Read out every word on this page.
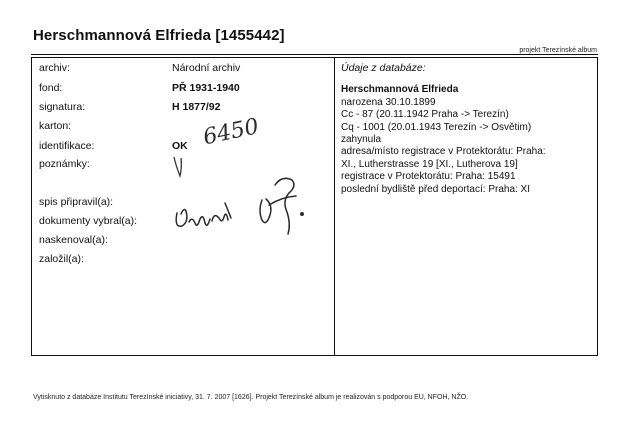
Herschmannová Elfrieda [1455442]
projekt Terezínské album
archiv:	Národní archiv
fond:	PŘ 1931-1940
signatura:	H 1877/92
karton:
identifikace:	OK
poznámky:
spis připravil(a):
dokumenty vybral(a):
naskenoval(a):
založil(a):
Údaje z databáze:
Herschmannová Elfrieda
narozena 30.10.1899
Cc - 87 (20.11.1942 Praha -> Terezín)
Cq - 1001 (20.01.1943 Terezín -> Osvětim)
zahynula
adresa/místo registrace v Protektorátu: Praha:
XI., Lutherstrasse 19 [XI., Lutherova 19]
registrace v Protektorátu: Praha: 15491
poslední bydliště před deportací: Praha: XI
6450
Vytisknuto z databáze Institutu Terezínské iniciativy, 31. 7. 2007 [1626]. Projekt Terezínské album je realizován s podporou EU, NFOH, NŽO.
